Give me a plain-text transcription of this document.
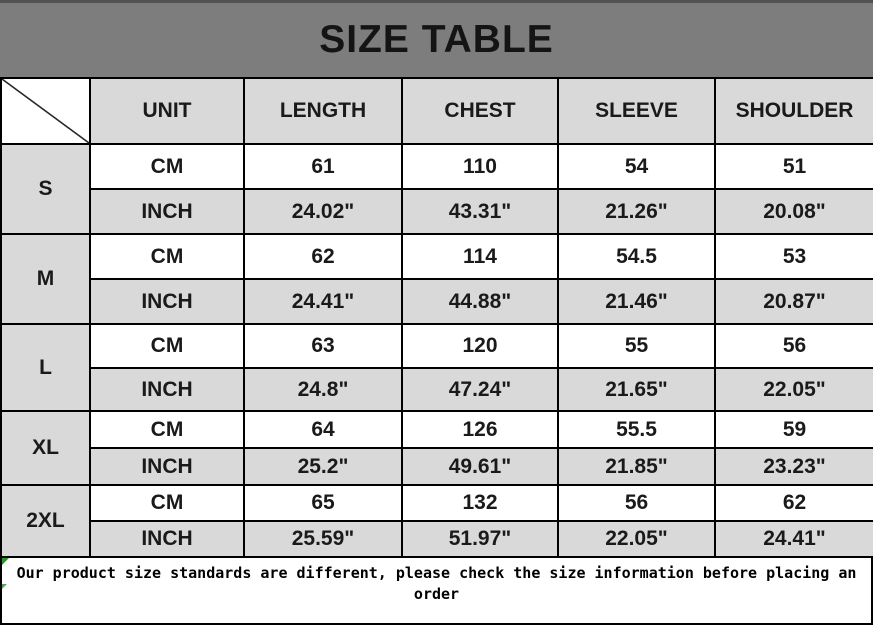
SIZE TABLE
	UNIT	LENGTH	CHEST	SLEEVE	SHOULDER
S	CM	61	110	54	51
	INCH	24.02"	43.31"	21.26"	20.08"
M	CM	62	114	54.5	53
	INCH	24.41"	44.88"	21.46"	20.87"
L	CM	63	120	55	56
	INCH	24.8"	47.24"	21.65"	22.05"
XL	CM	64	126	55.5	59
	INCH	25.2"	49.61"	21.85"	23.23"
2XL	CM	65	132	56	62
	INCH	25.59"	51.97"	22.05"	24.41"
Our product size standards are different, please check the size information before placing an order
